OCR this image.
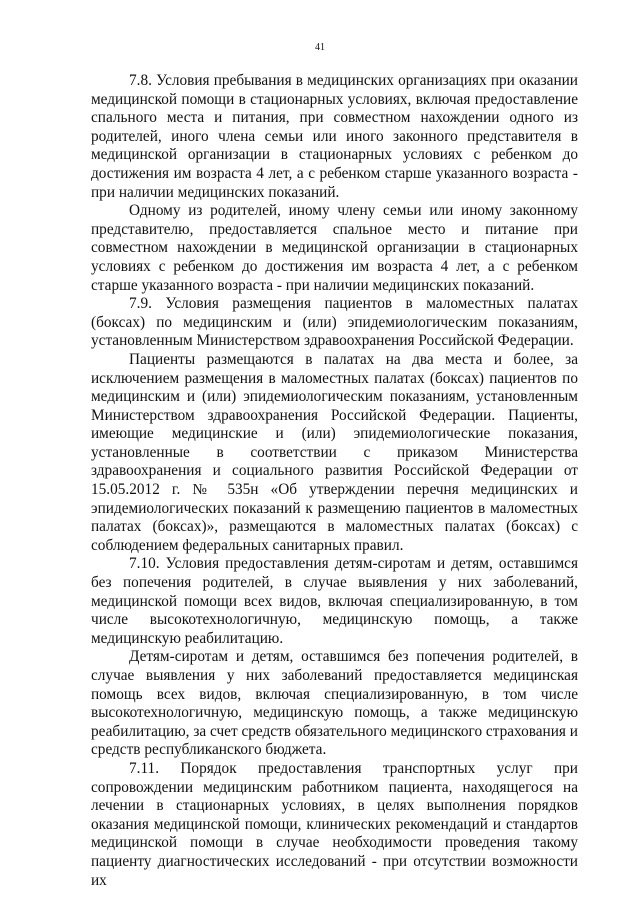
41

7.8. Условия пребывания в медицинских организациях при оказании медицинской помощи в стационарных условиях, включая предоставление спального места и питания, при совместном нахождении одного из родителей, иного члена семьи или иного законного представителя в медицинской организации в стационарных условиях с ребенком до достижения им возраста 4 лет, а с ребенком старше указанного возраста - при наличии медицинских показаний.

Одному из родителей, иному члену семьи или иному законному представителю, предоставляется спальное место и питание при совместном нахождении в медицинской организации в стационарных условиях с ребенком до достижения им возраста 4 лет, а с ребенком старше указанного возраста - при наличии медицинских показаний.

7.9. Условия размещения пациентов в маломестных палатах (боксах) по медицинским и (или) эпидемиологическим показаниям, установленным Министерством здравоохранения Российской Федерации.

Пациенты размещаются в палатах на два места и более, за исключением размещения в маломестных палатах (боксах) пациентов по медицинским и (или) эпидемиологическим показаниям, установленным Министерством здравоохранения Российской Федерации. Пациенты, имеющие медицинские и (или) эпидемиологические показания, установленные в соответствии с приказом Министерства здравоохранения и социального развития Российской Федерации от 15.05.2012 г. № 535н «Об утверждении перечня медицинских и эпидемиологических показаний к размещению пациентов в маломестных палатах (боксах)», размещаются в маломестных палатах (боксах) с соблюдением федеральных санитарных правил.

7.10. Условия предоставления детям-сиротам и детям, оставшимся без попечения родителей, в случае выявления у них заболеваний, медицинской помощи всех видов, включая специализированную, в том числе высокотехнологичную, медицинскую помощь, а также медицинскую реабилитацию.

Детям-сиротам и детям, оставшимся без попечения родителей, в случае выявления у них заболеваний предоставляется медицинская помощь всех видов, включая специализированную, в том числе высокотехнологичную, медицинскую помощь, а также медицинскую реабилитацию, за счет средств обязательного медицинского страхования и средств республиканского бюджета.

7.11. Порядок предоставления транспортных услуг при сопровождении медицинским работником пациента, находящегося на лечении в стационарных условиях, в целях выполнения порядков оказания медицинской помощи, клинических рекомендаций и стандартов медицинской помощи в случае необходимости проведения такому пациенту диагностических исследований - при отсутствии возможности их
